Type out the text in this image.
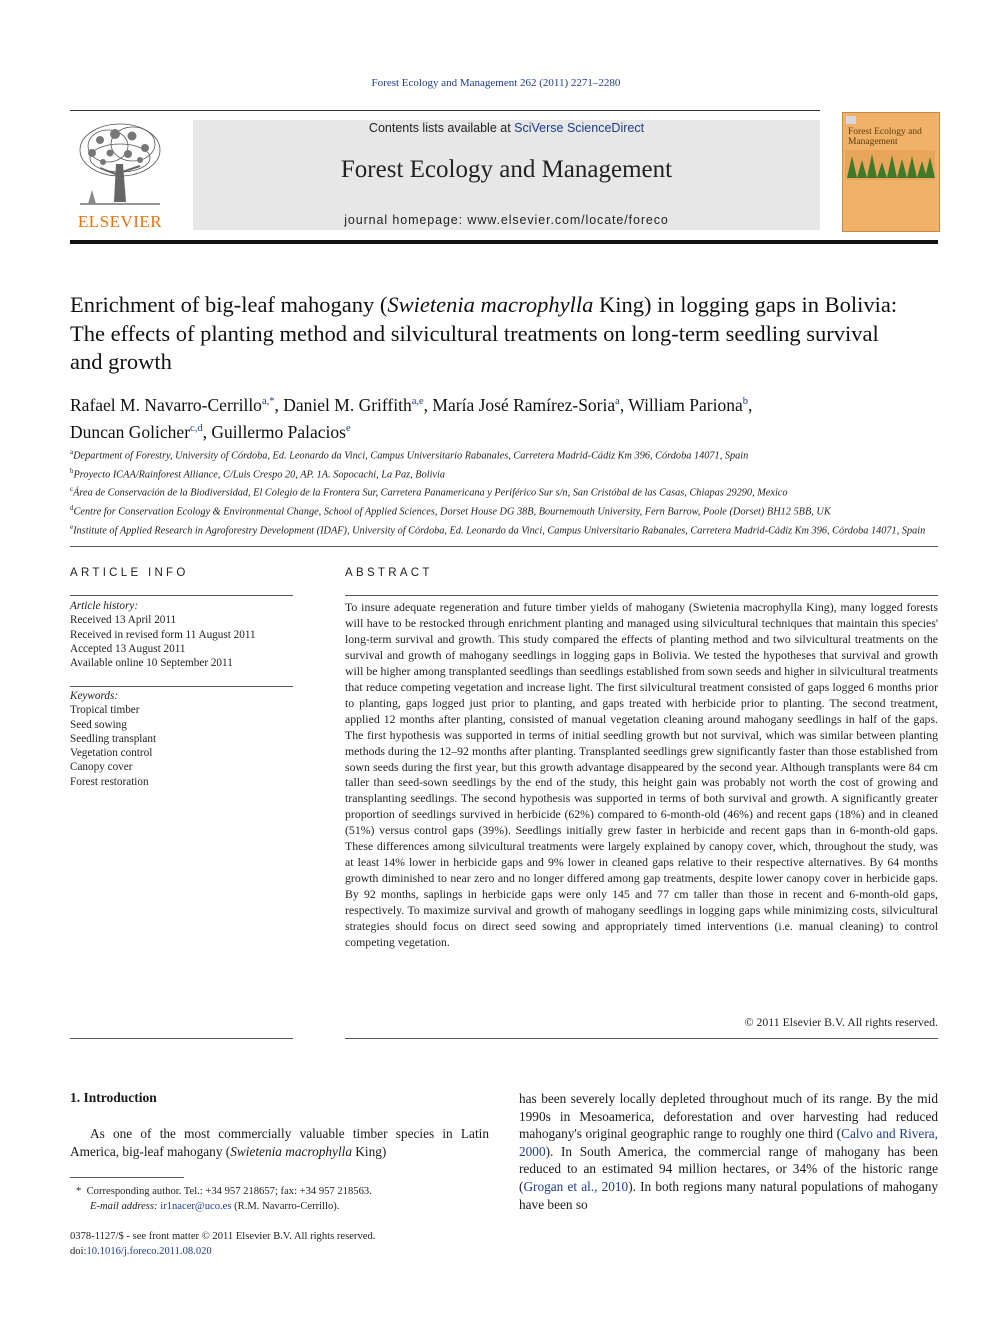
Forest Ecology and Management 262 (2011) 2271–2280
ELSEVIER
Contents lists available at SciVerse ScienceDirect
Forest Ecology and Management
journal homepage: www.elsevier.com/locate/foreco
Forest Ecology and Management
Enrichment of big-leaf mahogany (Swietenia macrophylla King) in logging gaps in Bolivia: The effects of planting method and silvicultural treatments on long-term seedling survival and growth
Rafael M. Navarro-Cerrillo$^{a,*}$, Daniel M. Griffith$^{a,e}$, María José Ramírez-Soria$^a$, William Pariona$^b$,
Duncan Golicher$^{c,d}$, Guillermo Palacios$^e$
$^a$Department of Forestry, University of Córdoba, Ed. Leonardo da Vinci, Campus Universitario Rabanales, Carretera Madrid-Cádiz Km 396, Córdoba 14071, Spain
$^b$Proyecto ICAA/Rainforest Alliance, C/Luis Crespo 20, AP. 1A. Sopocachi, La Paz, Bolivia
$^c$Área de Conservación de la Biodiversidad, El Colegio de la Frontera Sur, Carretera Panamericana y Periférico Sur s/n, San Cristóbal de las Casas, Chiapas 29290, Mexico
$^d$Centre for Conservation Ecology & Environmental Change, School of Applied Sciences, Dorset House DG 38B, Bournemouth University, Fern Barrow, Poole (Dorset) BH12 5BB, UK
$^e$Institute of Applied Research in Agroforestry Development (IDAF), University of Córdoba, Ed. Leonardo da Vinci, Campus Universitario Rabanales, Carretera Madrid-Cádiz Km 396, Córdoba 14071, Spain
ARTICLE INFO
Article history:
Received 13 April 2011
Received in revised form 11 August 2011
Accepted 13 August 2011
Available online 10 September 2011
Keywords:
Tropical timber
Seed sowing
Seedling transplant
Vegetation control
Canopy cover
Forest restoration
ABSTRACT
To insure adequate regeneration and future timber yields of mahogany (Swietenia macrophylla King), many logged forests will have to be restocked through enrichment planting and managed using silvicultural techniques that maintain this species' long-term survival and growth. This study compared the effects of planting method and two silvicultural treatments on the survival and growth of mahogany seedlings in logging gaps in Bolivia. We tested the hypotheses that survival and growth will be higher among transplanted seedlings than seedlings established from sown seeds and higher in silvicultural treatments that reduce competing vegetation and increase light. The first silvicultural treatment consisted of gaps logged 6 months prior to planting, gaps logged just prior to planting, and gaps treated with herbicide prior to planting. The second treatment, applied 12 months after planting, consisted of manual vegetation cleaning around mahogany seedlings in half of the gaps. The first hypothesis was supported in terms of initial seedling growth but not survival, which was similar between planting methods during the 12–92 months after planting. Transplanted seedlings grew significantly faster than those established from sown seeds during the first year, but this growth advantage disappeared by the second year. Although transplants were 84 cm taller than seed-sown seedlings by the end of the study, this height gain was probably not worth the cost of growing and transplanting seedlings. The second hypothesis was supported in terms of both survival and growth. A significantly greater proportion of seedlings survived in herbicide (62%) compared to 6-month-old (46%) and recent gaps (18%) and in cleaned (51%) versus control gaps (39%). Seedlings initially grew faster in herbicide and recent gaps than in 6-month-old gaps. These differences among silvicultural treatments were largely explained by canopy cover, which, throughout the study, was at least 14% lower in herbicide gaps and 9% lower in cleaned gaps relative to their respective alternatives. By 64 months growth diminished to near zero and no longer differed among gap treatments, despite lower canopy cover in herbicide gaps. By 92 months, saplings in herbicide gaps were only 145 and 77 cm taller than those in recent and 6-month-old gaps, respectively. To maximize survival and growth of mahogany seedlings in logging gaps while minimizing costs, silvicultural strategies should focus on direct seed sowing and appropriately timed interventions (i.e. manual cleaning) to control competing vegetation.
© 2011 Elsevier B.V. All rights reserved.
1. Introduction
As one of the most commercially valuable timber species in Latin America, big-leaf mahogany (Swietenia macrophylla King)
has been severely locally depleted throughout much of its range. By the mid 1990s in Mesoamerica, deforestation and over harvesting had reduced mahogany's original geographic range to roughly one third (Calvo and Rivera, 2000). In South America, the commercial range of mahogany has been reduced to an estimated 94 million hectares, or 34% of the historic range (Grogan et al., 2010). In both regions many natural populations of mahogany have been so
*  Corresponding author. Tel.: +34 957 218657; fax: +34 957 218563.
E-mail address: ir1nacer@uco.es (R.M. Navarro-Cerrillo).
0378-1127/$ - see front matter © 2011 Elsevier B.V. All rights reserved.
doi:10.1016/j.foreco.2011.08.020
